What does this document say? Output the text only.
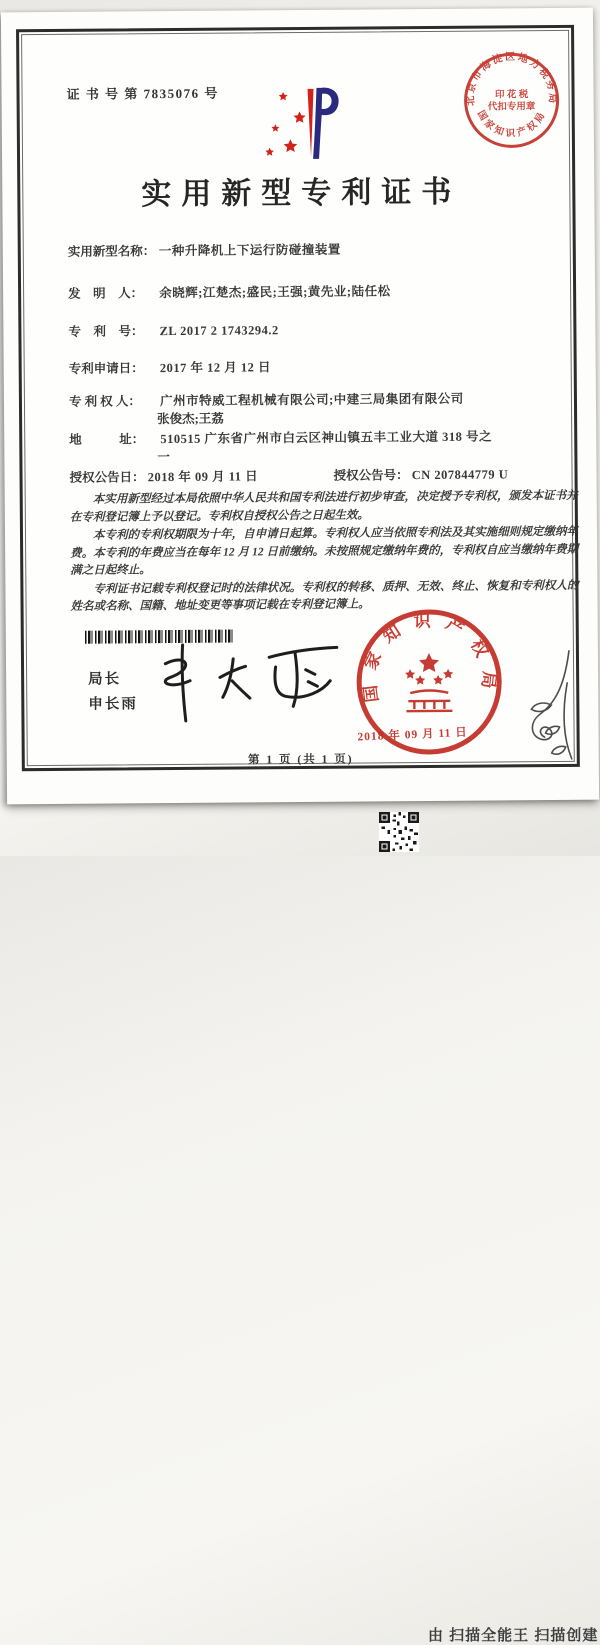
证 书 号 第 7835076 号	北京市海淀区地方税务局
国家知识产权局
印 花 税
代扣专用章
实用新型专利证书
实用新型名称： 一种升降机上下运行防碰撞装置
发　明　人： 余晓辉;江楚杰;盛民;王强;黄先业;陆任松
专　利　号： ZL 2017 2 1743294.2
专利申请日： 2017 年 12 月 12 日
专 利 权 人： 广州市特威工程机械有限公司;中建三局集团有限公司
张俊杰;王荔
地　　　址： 510515 广东省广州市白云区神山镇五丰工业大道 318 号之
一
授权公告日： 2018 年 09 月 11 日	授权公告号： CN 207844779 U

本实用新型经过本局依照中华人民共和国专利法进行初步审查，决定授予专利权，颁发本证书并在专利登记簿上予以登记。专利权自授权公告之日起生效。

本专利的专利权期限为十年，自申请日起算。专利权人应当依照专利法及其实施细则规定缴纳年费。本专利的年费应当在每年 12 月 12 日前缴纳。未按照规定缴纳年费的，专利权自应当缴纳年费期满之日起终止。

专利证书记载专利权登记时的法律状况。专利权的转移、质押、无效、终止、恢复和专利权人的姓名或名称、国籍、地址变更等事项记载在专利登记簿上。

局长
申长雨
国家知识产权局
2018 年 09 月 11 日
第 1 页 (共 1 页)
由 扫描全能王 扫描创建
